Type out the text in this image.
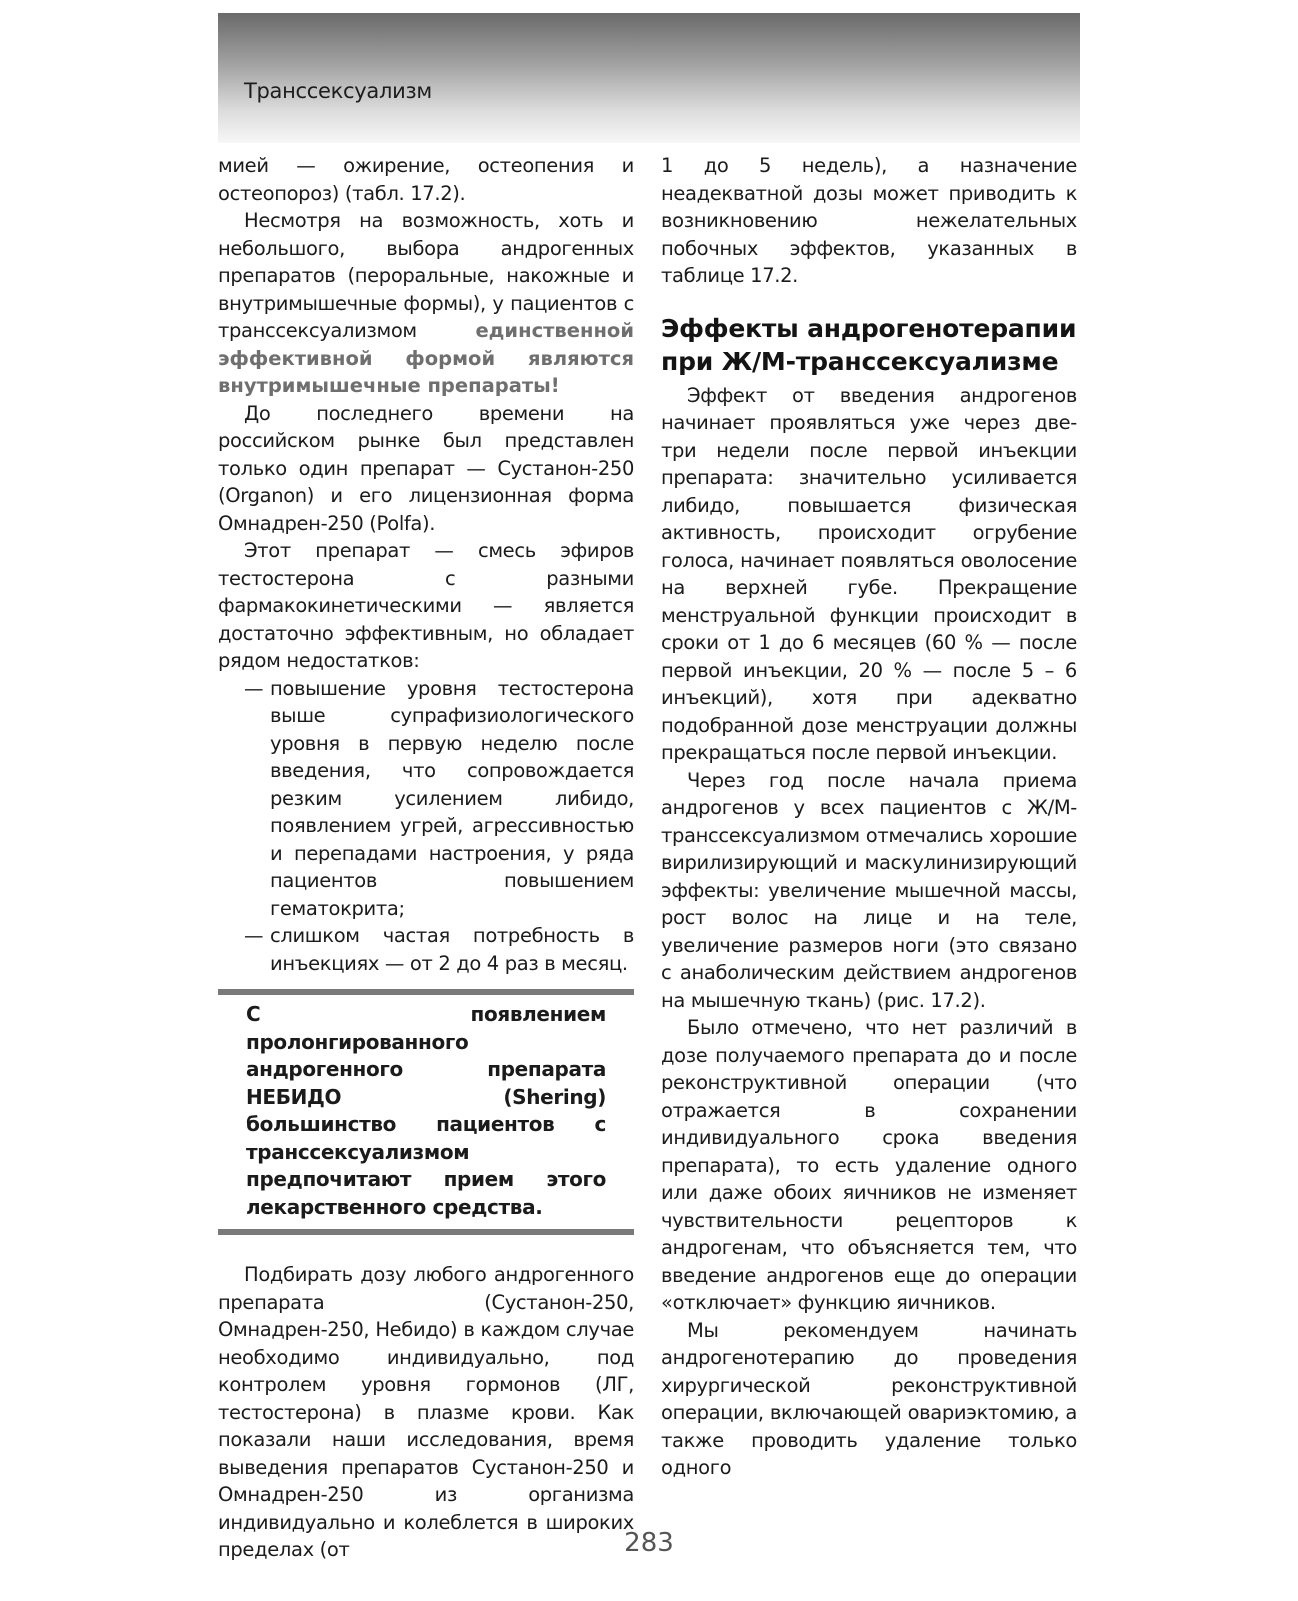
Транссексуализм

мией — ожирение, остеопения и остеопороз) (табл. 17.2).

Несмотря на возможность, хоть и небольшого, выбора андрогенных препаратов (пероральные, накожные и внутримышечные формы), у пациентов с транссексуализмом единственной эффективной формой являются внутримышечные препараты!

До последнего времени на российском рынке был представлен только один препарат — Сустанон-250 (Organon) и его лицензионная форма Омнадрен-250 (Polfa).

Этот препарат — смесь эфиров тестостерона с разными фармакокинетическими — является достаточно эффективным, но обладает рядом недостатков:

— повышение уровня тестостерона выше супрафизиологического уровня в первую неделю после введения, что сопровождается резким усилением либидо, появлением угрей, агрессивностью и перепадами настроения, у ряда пациентов повышением гематокрита;
— слишком частая потребность в инъекциях — от 2 до 4 раз в месяц.
С появлением пролонгированного андрогенного препарата НЕБИДО (Shering) большинство пациентов с транссексуализмом предпочитают прием этого лекарственного средства.

Подбирать дозу любого андрогенного препарата (Сустанон-250, Омнадрен-250, Небидо) в каждом случае необходимо индивидуально, под контролем уровня гормонов (ЛГ, тестостерона) в плазме крови. Как показали наши исследования, время выведения препаратов Сустанон-250 и Омнадрен-250 из организма индивидуально и колеблется в широких пределах (от

1 до 5 недель), а назначение неадекватной дозы может приводить к возникновению нежелательных побочных эффектов, указанных в таблице 17.2.

Эффекты андрогенотерапии при Ж/М-транссексуализме

Эффект от введения андрогенов начинает проявляться уже через две-три недели после первой инъекции препарата: значительно усиливается либидо, повышается физическая активность, происходит огрубение голоса, начинает появляться оволосение на верхней губе. Прекращение менструальной функции происходит в сроки от 1 до 6 месяцев (60 % — после первой инъекции, 20 % — после 5 – 6 инъекций), хотя при адекватно подобранной дозе менструации должны прекращаться после первой инъекции.

Через год после начала приема андрогенов у всех пациентов с Ж/М-транссексуализмом отмечались хорошие вирилизирующий и маскулинизирующий эффекты: увеличение мышечной массы, рост волос на лице и на теле, увеличение размеров ноги (это связано с анаболическим действием андрогенов на мышечную ткань) (рис. 17.2).

Было отмечено, что нет различий в дозе получаемого препарата до и после реконструктивной операции (что отражается в сохранении индивидуального срока введения препарата), то есть удаление одного или даже обоих яичников не изменяет чувствительности рецепторов к андрогенам, что объясняется тем, что введение андрогенов еще до операции «отключает» функцию яичников.

Мы рекомендуем начинать андрогенотерапию до проведения хирургической реконструктивной операции, включающей овариэктомию, а также проводить удаление только одного

283
